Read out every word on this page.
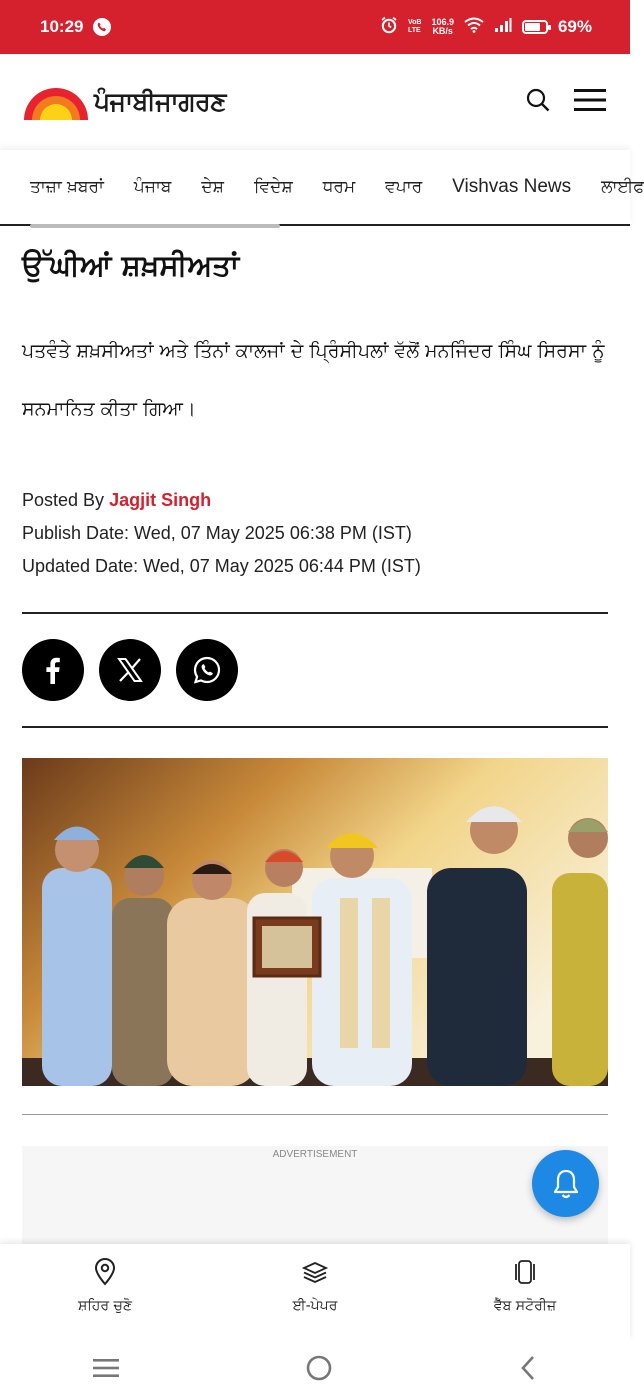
10:29	VoB
LTE
106.9
KB/s	69%
ਪੰਜਾਬੀਜਾਗਰਣ
ਤਾਜ਼ਾ ਖ਼ਬਰਾਂ ਪੰਜਾਬ ਦੇਸ਼ ਵਿਦੇਸ਼ ਧਰਮ ਵਪਾਰ Vishvas News ਲਾਈਫ
ਉੱਘੀਆਂ ਸ਼ਖ਼ਸੀਅਤਾਂ

ਪਤਵੰਤੇ ਸ਼ਖ਼ਸੀਅਤਾਂ ਅਤੇ ਤਿੰਨਾਂ ਕਾਲਜਾਂ ਦੇ ਪ੍ਰਿੰਸੀਪਲਾਂ ਵੱਲੋਂ ਮਨਜਿੰਦਰ ਸਿੰਘ ਸਿਰਸਾ ਨੂੰ ਸਨਮਾਨਿਤ ਕੀਤਾ ਗਿਆ।

Posted By Jagjit Singh
Publish Date: Wed, 07 May 2025 06:38 PM (IST)
Updated Date: Wed, 07 May 2025 06:44 PM (IST)
ADVERTISEMENT
ਸ਼ਹਿਰ ਚੁਣੋ	ਈ-ਪੇਪਰ	ਵੈੱਬ ਸਟੋਰੀਜ਼
